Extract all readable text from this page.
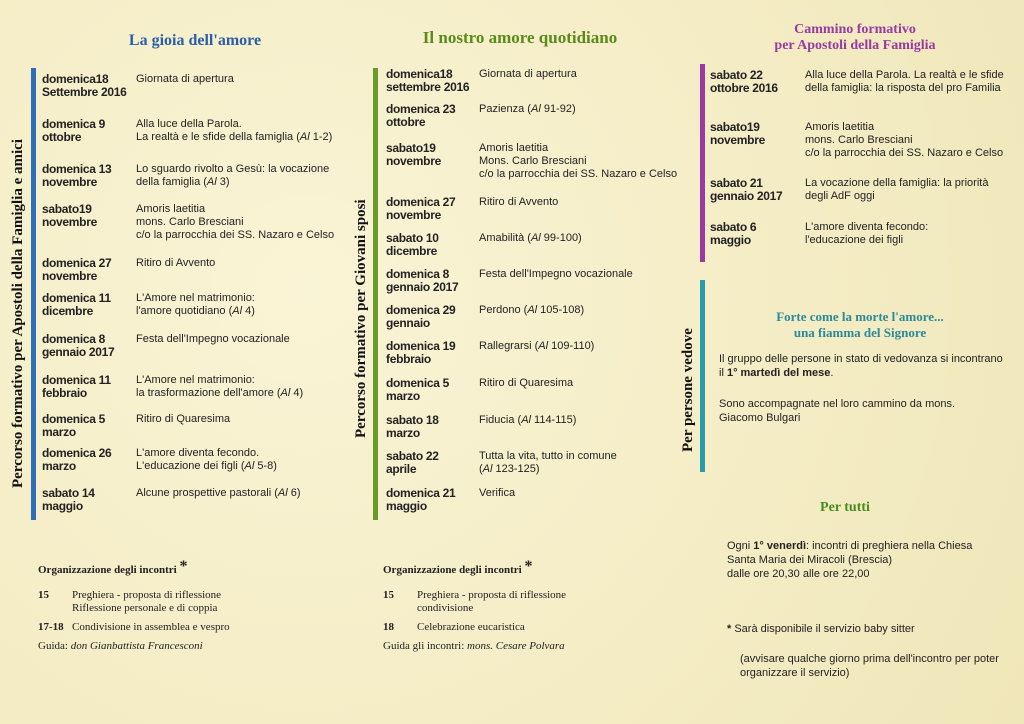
La gioia dell'amore
Percorso formativo per Apostoli della Famiglia e amici
domenica18
Settembre 2016
Giornata di apertura
domenica 9
ottobre
Alla luce della Parola.
La realtà e le sfide della famiglia (Al 1-2)
domenica 13
novembre
Lo sguardo rivolto a Gesù: la vocazione
della famiglia (Al 3)
sabato19
novembre
Amoris laetitia
mons. Carlo Bresciani
c/o la parrocchia dei SS. Nazaro e Celso
domenica 27
novembre
Ritiro di Avvento
domenica 11
dicembre
L'Amore nel matrimonio:
l'amore quotidiano (Al 4)
domenica 8
gennaio 2017
Festa dell'Impegno vocazionale
domenica 11
febbraio
L'Amore nel matrimonio:
la trasformazione dell'amore (Al 4)
domenica 5
marzo
Ritiro di Quaresima
domenica 26
marzo
L'amore diventa fecondo.
L'educazione dei figli (Al 5-8)
sabato 14
maggio
Alcune prospettive pastorali (Al 6)
Organizzazione degli incontri *
15 Preghiera - proposta di riflessione
Riflessione personale e di coppia
17-18 Condivisione in assemblea e vespro
Guida: don Gianbattista Francesconi
Il nostro amore quotidiano
Percorso formativo per Giovani sposi
domenica18
settembre 2016
Giornata di apertura
domenica 23
ottobre
Pazienza (Al 91-92)
sabato19
novembre
Amoris laetitia
Mons. Carlo Bresciani
c/o la parrocchia dei SS. Nazaro e Celso
domenica 27
novembre
Ritiro di Avvento
sabato 10
dicembre
Amabilità (Al 99-100)
domenica 8
gennaio 2017
Festa dell'Impegno vocazionale
domenica 29
gennaio
Perdono (Al 105-108)
domenica 19
febbraio
Rallegrarsi (Al 109-110)
domenica 5
marzo
Ritiro di Quaresima
sabato 18
marzo
Fiducia (Al 114-115)
sabato 22
aprile
Tutta la vita, tutto in comune
(Al 123-125)
domenica 21
maggio
Verifica
Organizzazione degli incontri *
15 Preghiera - proposta di riflessione
condivisione
18 Celebrazione eucaristica
Guida gli incontri: mons. Cesare Polvara
Cammino formativo
per Apostoli della Famiglia
sabato 22
ottobre 2016
Alla luce della Parola. La realtà e le sfide
della famiglia: la risposta del pro Familia
sabato19
novembre
Amoris laetitia
mons. Carlo Bresciani
c/o la parrocchia dei SS. Nazaro e Celso
sabato 21
gennaio 2017
La vocazione della famiglia: la priorità
degli AdF oggi
sabato 6
maggio
L'amore diventa fecondo:
l'educazione dei figli
Per persone vedove
Forte come la morte l'amore...
una fiamma del Signore
Il gruppo delle persone in stato di vedovanza si incontrano il 1° martedì del mese.
Sono accompagnate nel loro cammino da mons. Giacomo Bulgari
Per tutti
Ogni 1° venerdì: incontri di preghiera nella Chiesa
Santa Maria dei Miracoli (Brescia)
dalle ore 20,30 alle ore 22,00
* Sarà disponibile il servizio baby sitter
(avvisare qualche giorno prima dell'incontro per poter organizzare il servizio)
